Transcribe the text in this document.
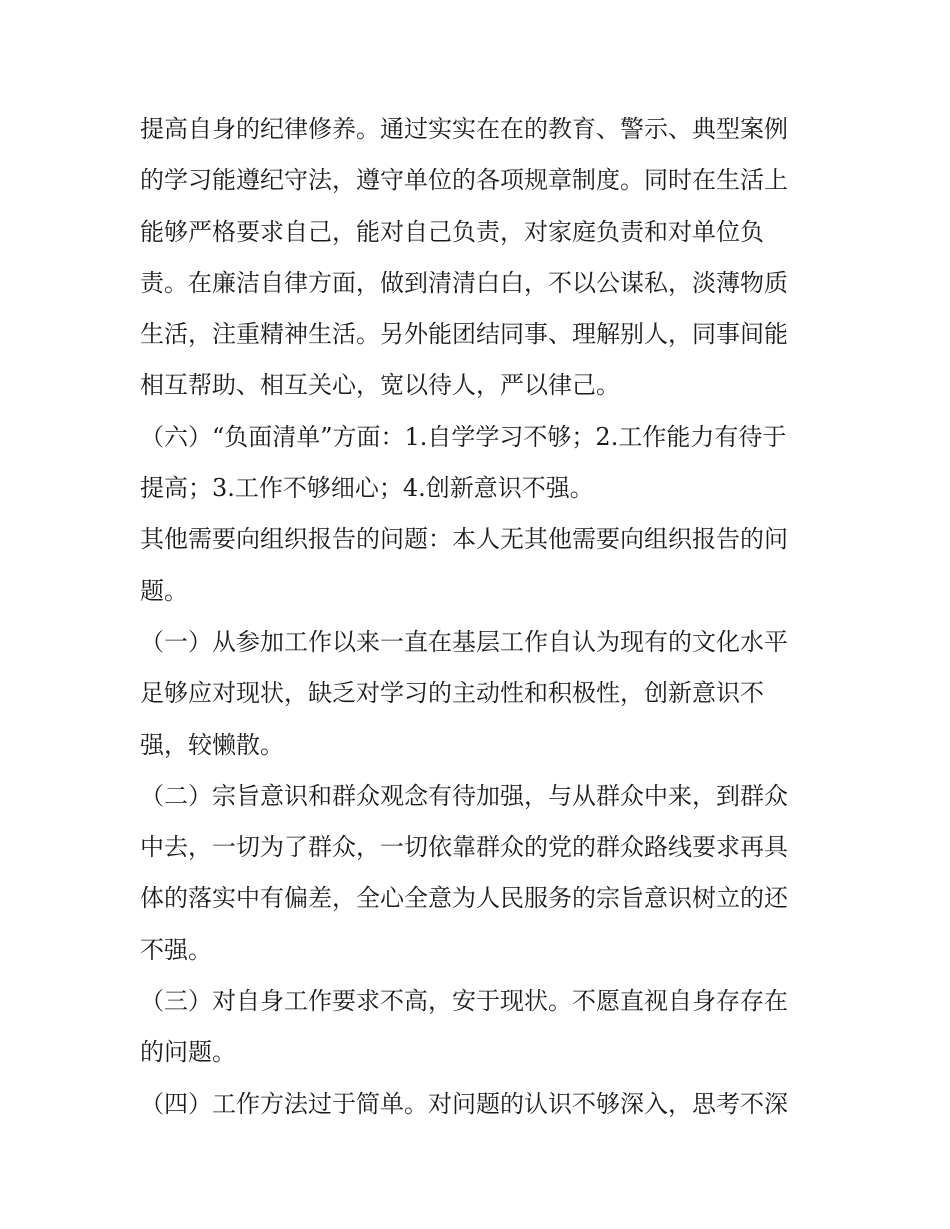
提高自身的纪律修养。通过实实在在的教育、警示、典型案例

的学习能遵纪守法，遵守单位的各项规章制度。同时在生活上

能够严格要求自己，能对自己负责，对家庭负责和对单位负

责。在廉洁自律方面，做到清清白白，不以公谋私，淡薄物质

生活，注重精神生活。另外能团结同事、理解别人，同事间能

相互帮助、相互关心，宽以待人，严以律己。

（六）“负面清单”方面：1.自学学习不够；2.工作能力有待于

提高；3.工作不够细心；4.创新意识不强。

其他需要向组织报告的问题：本人无其他需要向组织报告的问

题。

（一）从参加工作以来一直在基层工作自认为现有的文化水平

足够应对现状，缺乏对学习的主动性和积极性，创新意识不

强，较懒散。

（二）宗旨意识和群众观念有待加强，与从群众中来，到群众

中去，一切为了群众，一切依靠群众的党的群众路线要求再具

体的落实中有偏差，全心全意为人民服务的宗旨意识树立的还

不强。

（三）对自身工作要求不高，安于现状。不愿直视自身存存在

的问题。

（四）工作方法过于简单。对问题的认识不够深入，思考不深
